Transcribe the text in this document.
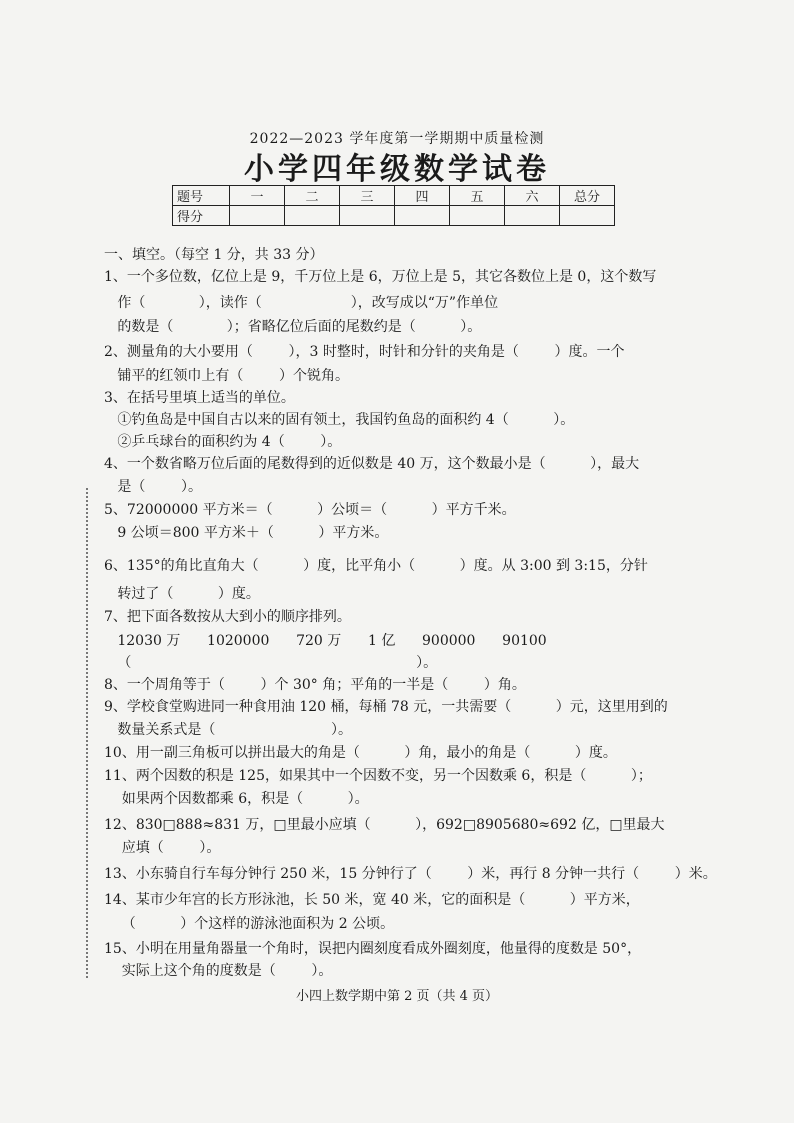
2022—2023 学年度第一学期期中质量检测
小学四年级数学试卷
题号	一	二	三	四	五	六	总分
得分							
一、填空。（每空 1 分，共 33 分）
1、一个多位数，亿位上是 9，千万位上是 6，万位上是 5，其它各数位上是 0，这个数写
作（            ），读作（                    ），改写成以“万”作单位
的数是（            ）；省略亿位后面的尾数约是（          ）。
2、测量角的大小要用（        ），3 时整时，时针和分针的夹角是（        ）度。一个
铺平的红领巾上有（        ）个锐角。
3、在括号里填上适当的单位。
①钓鱼岛是中国自古以来的固有领土，我国钓鱼岛的面积约 4（          ）。
②乒乓球台的面积约为 4（        ）。
4、一个数省略万位后面的尾数得到的近似数是 40 万，这个数最小是（          ），最大
是（        ）。
5、72000000 平方米＝（          ）公顷＝（          ）平方千米。
9 公顷＝800 平方米＋（          ）平方米。
6、135°的角比直角大（          ）度，比平角小（          ）度。从 3:00 到 3:15，分针
转过了（          ）度。
7、把下面各数按从大到小的顺序排列。
12030 万      1020000      720 万      1 亿      900000      90100
（                                                                ）。
8、一个周角等于（        ）个 30° 角；平角的一半是（        ）角。
9、学校食堂购进同一种食用油 120 桶，每桶 78 元，一共需要（          ）元，这里用到的
数量关系式是（                          ）。
10、用一副三角板可以拼出最大的角是（          ）角，最小的角是（          ）度。
11、两个因数的积是 125，如果其中一个因数不变，另一个因数乘 6，积是（          ）；
如果两个因数都乘 6，积是（          ）。
12、830□888≈831 万，□里最小应填（          ），692□8905680≈692 亿，□里最大
应填（        ）。
13、小东骑自行车每分钟行 250 米，15 分钟行了（        ）米，再行 8 分钟一共行（        ）米。
14、某市少年宫的长方形泳池，长 50 米，宽 40 米，它的面积是（          ）平方米，
（          ）个这样的游泳池面积为 2 公顷。
15、小明在用量角器量一个角时，误把内圈刻度看成外圈刻度，他量得的度数是 50°，
实际上这个角的度数是（        ）。
小四上数学期中第 2 页（共 4 页）
